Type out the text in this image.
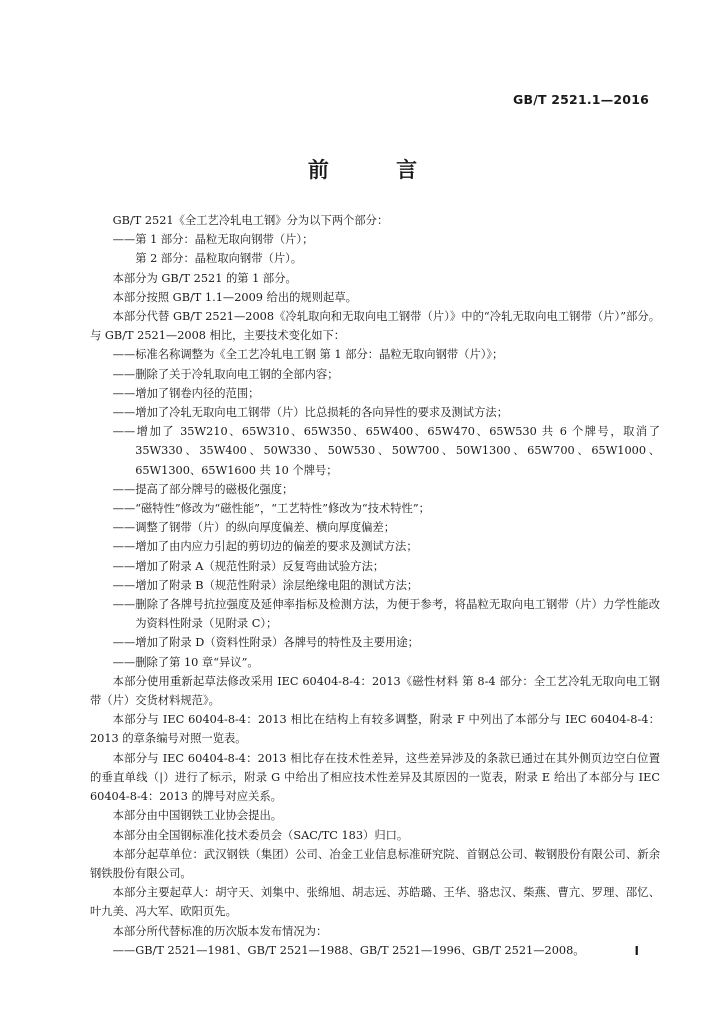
GB/T 2521.1—2016
前 言

GB/T 2521《全工艺冷轧电工钢》分为以下两个部分：

——第 1 部分：晶粒无取向钢带（片）；

第 2 部分：晶粒取向钢带（片）。

本部分为 GB/T 2521 的第 1 部分。

本部分按照 GB/T 1.1—2009 给出的规则起草。

本部分代替 GB/T 2521—2008《冷轧取向和无取向电工钢带（片）》中的“冷轧无取向电工钢带（片）”部分。与 GB/T 2521—2008 相比，主要技术变化如下：

——标准名称调整为《全工艺冷轧电工钢 第 1 部分：晶粒无取向钢带（片）》；

——删除了关于冷轧取向电工钢的全部内容；

——增加了钢卷内径的范围；

——增加了冷轧无取向电工钢带（片）比总损耗的各向异性的要求及测试方法；

——增加了 35W210、65W310、65W350、65W400、65W470、65W530 共 6 个牌号，取消了 35W330、35W400、50W330、50W530、50W700、50W1300、65W700、65W1000、65W1300、65W1600 共 10 个牌号；

——提高了部分牌号的磁极化强度；

——“磁特性”修改为“磁性能”，“工艺特性”修改为“技术特性”；

——调整了钢带（片）的纵向厚度偏差、横向厚度偏差；

——增加了由内应力引起的剪切边的偏差的要求及测试方法；

——增加了附录 A（规范性附录）反复弯曲试验方法；

——增加了附录 B（规范性附录）涂层绝缘电阻的测试方法；

——删除了各牌号抗拉强度及延伸率指标及检测方法，为便于参考，将晶粒无取向电工钢带（片）力学性能改为资料性附录（见附录 C）；

——增加了附录 D（资料性附录）各牌号的特性及主要用途；

——删除了第 10 章“异议”。

本部分使用重新起草法修改采用 IEC 60404-8-4：2013《磁性材料 第 8-4 部分：全工艺冷轧无取向电工钢带（片）交货材料规范》。

本部分与 IEC 60404-8-4：2013 相比在结构上有较多调整，附录 F 中列出了本部分与 IEC 60404-8-4：2013 的章条编号对照一览表。

本部分与 IEC 60404-8-4：2013 相比存在技术性差异，这些差异涉及的条款已通过在其外侧页边空白位置的垂直单线（|）进行了标示，附录 G 中给出了相应技术性差异及其原因的一览表，附录 E 给出了本部分与 IEC 60404-8-4：2013 的牌号对应关系。

本部分由中国钢铁工业协会提出。

本部分由全国钢标准化技术委员会（SAC/TC 183）归口。

本部分起草单位：武汉钢铁（集团）公司、冶金工业信息标准研究院、首钢总公司、鞍钢股份有限公司、新余钢铁股份有限公司。

本部分主要起草人：胡守天、刘集中、张绵旭、胡志远、苏皓璐、王华、骆忠汉、柴燕、曹亢、罗理、邵忆、叶九美、冯大军、欧阳页先。

本部分所代替标准的历次版本发布情况为：

——GB/T 2521—1981、GB/T 2521—1988、GB/T 2521—1996、GB/T 2521—2008。	Ⅰ
